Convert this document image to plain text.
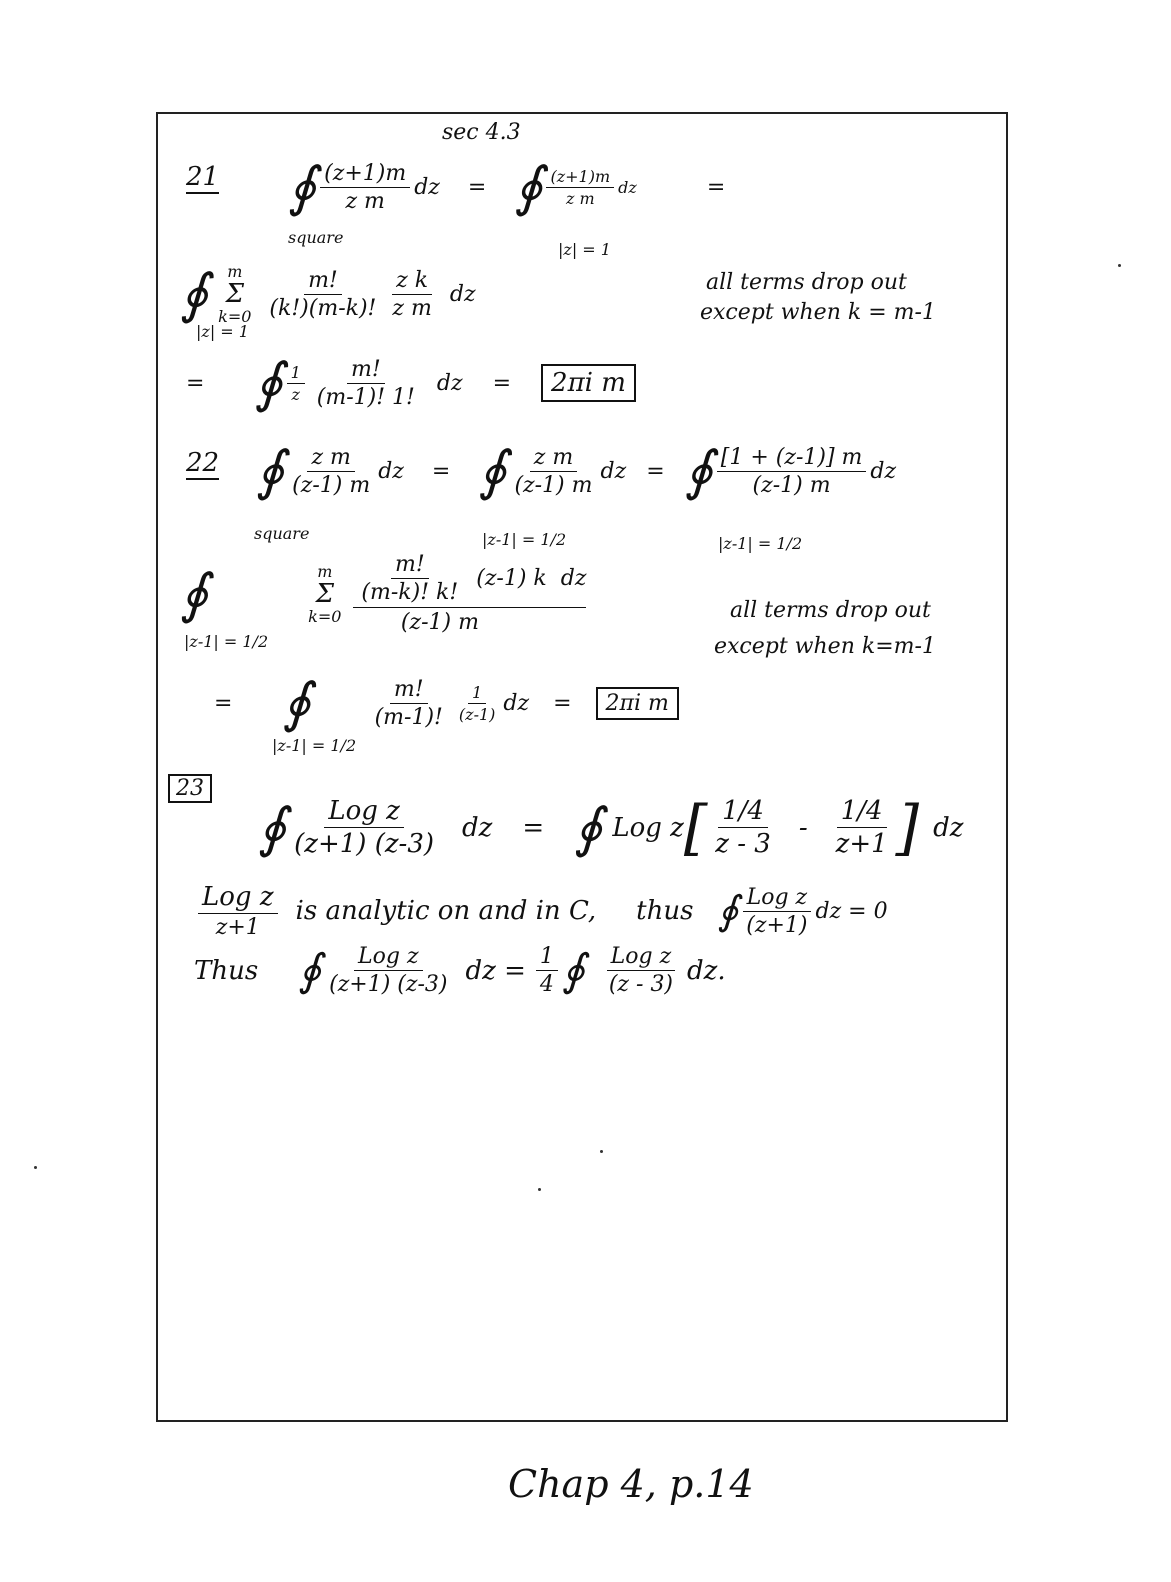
sec 4.3
21 ∮ $\frac{(z+1)m}{\text{z m}}$ dz = ∮ $\frac{(z+1)m}{\text{z m}}$ dz	=
square
|z| = 1
∮ m
Σ
$k=0 \frac{m!}{(k!)(m-k)!} \frac{\text{z k}}{\text{z m}}$ dz
|z| = 1
all terms drop out
except when k = m-1
= ∮ $\frac{1}{z} \frac{m!}{(m-1)! 1!}$ dz =	2πi m
22 ∮ $\frac{\text{z m}}{(z-1) m}$ dz = ∮ $\frac{\text{z m}}{(z-1) m}$ dz = ∮ $\frac{[1 + (z-1)] m}{(z-1) m}$ dz
square	|z-1| = 1/2	|z-1| = 1/2
∮	m
Σ
k=0
$\frac{m!}{(m-k)! k!} (z-1)$ k dz
(z-1) m
|z-1| = 1/2
all terms drop out
except when k=m-1
= ∮	$\frac{m!}{(m-1)!} \frac{1}{(z-1)}$ dz =	2πi m
|z-1| = 1/2
23
∮ $\frac{\text{Log z}}{(z+1) (z-3)}$ dz = ∮ Log z [ $\frac{1/4}{z - 3} - \frac{1/4}{z+1}$ ] dz
$\frac{\text{Log z}}{z+1}$ is analytic on and in C, thus ∮ $\frac{\text{Log z}}{(z+1)}$ dz = 0
Thus ∮ $\frac{\text{Log z}}{(z+1) (z-3)}$ dz = $\frac{1}{4}$ ∮ $\frac{\text{Log z}}{(z - 3)}$ dz.
Chap 4, p.14
